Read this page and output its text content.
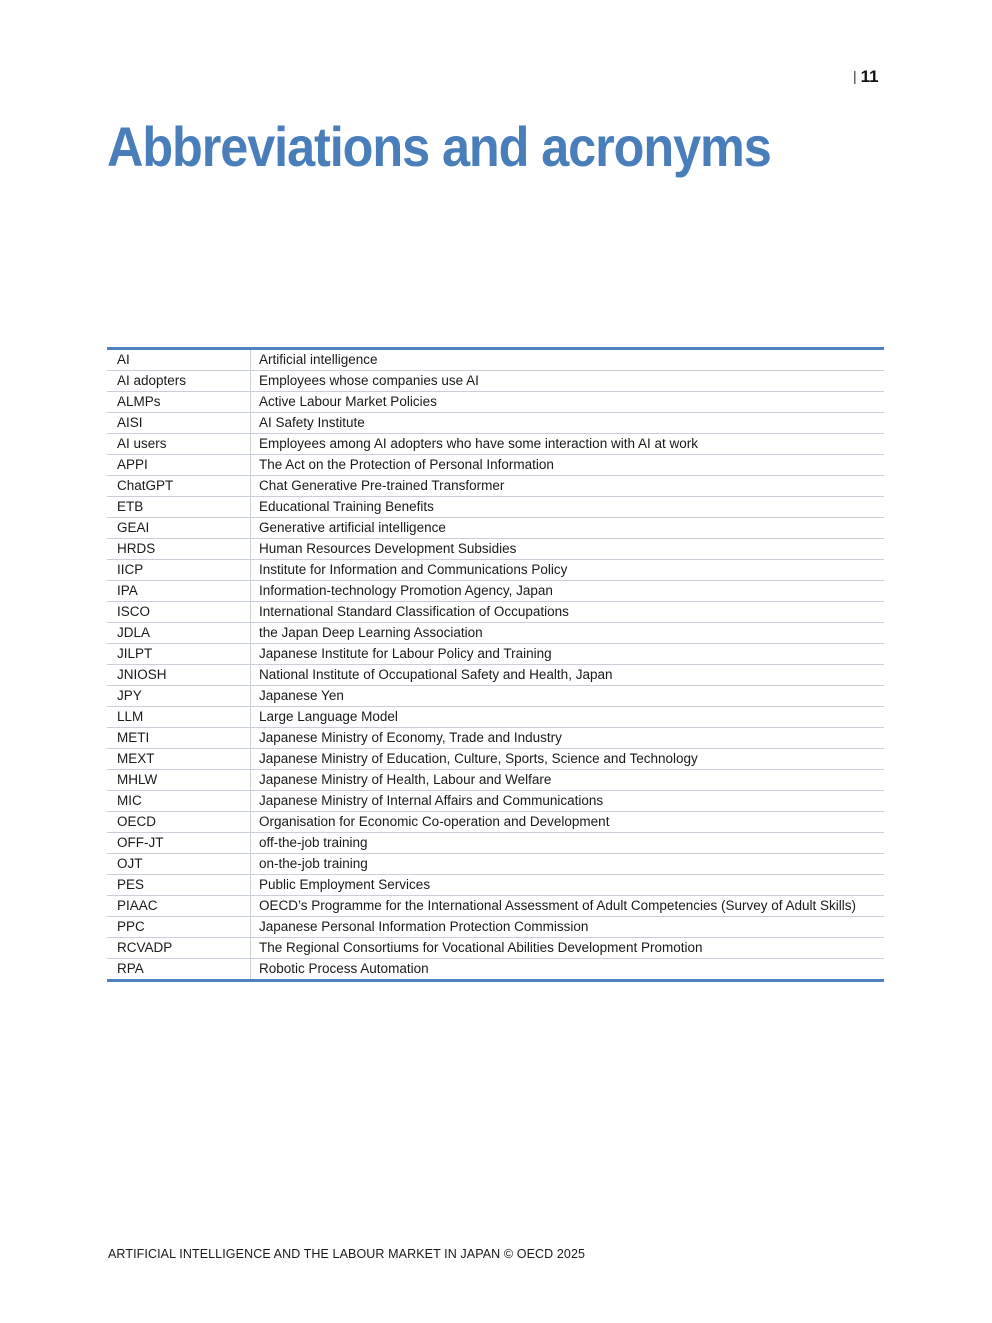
| 11
Abbreviations and acronyms
AI	Artificial intelligence
AI adopters	Employees whose companies use AI
ALMPs	Active Labour Market Policies
AISI	AI Safety Institute
AI users	Employees among AI adopters who have some interaction with AI at work
APPI	The Act on the Protection of Personal Information
ChatGPT	Chat Generative Pre-trained Transformer
ETB	Educational Training Benefits
GEAI	Generative artificial intelligence
HRDS	Human Resources Development Subsidies
IICP	Institute for Information and Communications Policy
IPA	Information-technology Promotion Agency, Japan
ISCO	International Standard Classification of Occupations
JDLA	the Japan Deep Learning Association
JILPT	Japanese Institute for Labour Policy and Training
JNIOSH	National Institute of Occupational Safety and Health, Japan
JPY	Japanese Yen
LLM	Large Language Model
METI	Japanese Ministry of Economy, Trade and Industry
MEXT	Japanese Ministry of Education, Culture, Sports, Science and Technology
MHLW	Japanese Ministry of Health, Labour and Welfare
MIC	Japanese Ministry of Internal Affairs and Communications
OECD	Organisation for Economic Co-operation and Development
OFF-JT	off-the-job training
OJT	on-the-job training
PES	Public Employment Services
PIAAC	OECD’s Programme for the International Assessment of Adult Competencies (Survey of Adult Skills)
PPC	Japanese Personal Information Protection Commission
RCVADP	The Regional Consortiums for Vocational Abilities Development Promotion
RPA	Robotic Process Automation
ARTIFICIAL INTELLIGENCE AND THE LABOUR MARKET IN JAPAN © OECD 2025
